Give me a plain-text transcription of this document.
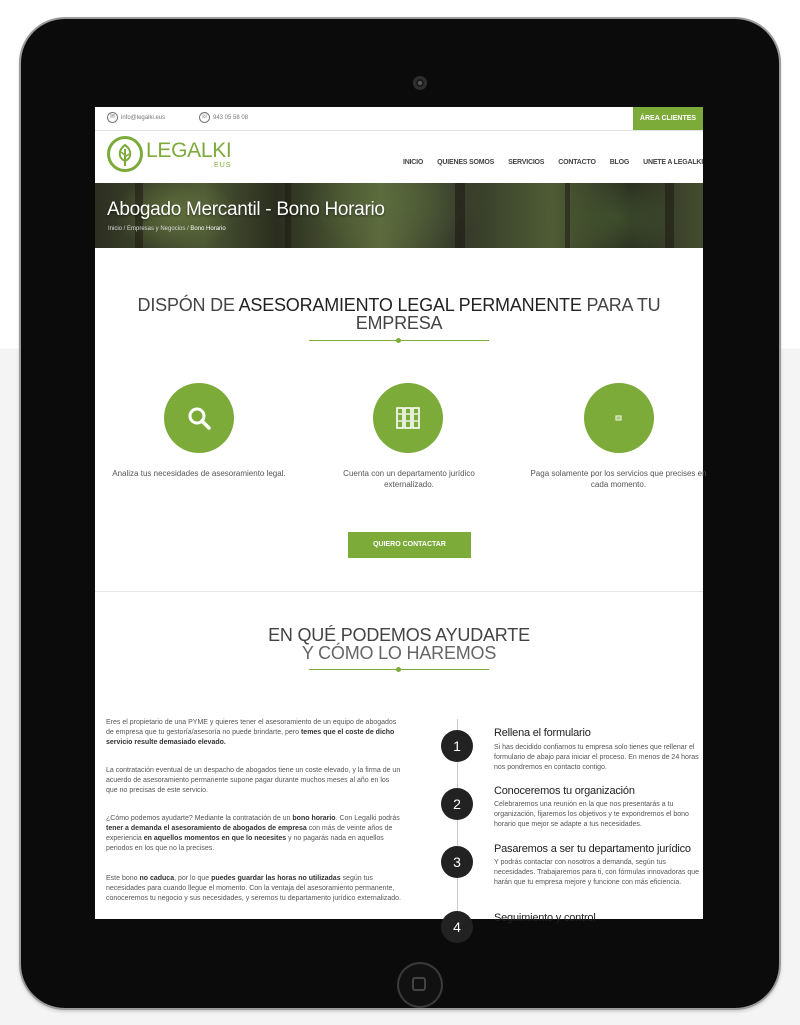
✉ info@legalki.eus	☏ 943 05 58 08	ÁREA CLIENTES
LEGALKI
.EUS	INICIO QUIENES SOMOS SERVICIOS CONTACTO BLOG UNETE A LEGALKI
Abogado Mercantil - Bono Horario
Inicio / Empresas y Negocios / Bono Horario
DISPÓN DE ASESORAMIENTO LEGAL PERMANENTE PARA TU EMPRESA
Analiza tus necesidades de asesoramiento legal.	Cuenta con un departamento jurídico externalizado.
Paga solamente por los servicios que precises en cada momento.
QUIERO CONTACTAR
EN QUÉ PODEMOS AYUDARTE
Y CÓMO LO HAREMOS
Eres el propietario de una PYME y quieres tener el asesoramiento de un equipo de abogados de empresa que tu gestoría/asesoría no puede brindarte, pero temes que el coste de dicho servicio resulte demasiado elevado.
La contratación eventual de un despacho de abogados tiene un coste elevado, y la firma de un acuerdo de asesoramiento permanente supone pagar durante muchos meses al año en los que no precisas de este servicio.
¿Cómo podemos ayudarte? Mediante la contratación de un bono horario. Con Legalki podrás tener a demanda el asesoramiento de abogados de empresa con más de veinte años de experiencia en aquellos momentos en que lo necesites y no pagarás nada en aquellos periodos en los que no la precises.
Este bono no caduca, por lo que puedes guardar las horas no utilizadas según tus necesidades para cuando llegue el momento. Con la ventaja del asesoramiento permanente, conoceremos tu negocio y sus necesidades, y seremos tu departamento jurídico externalizado.
1
Rellena el formulario
Si has decidido confiarnos tu empresa solo tienes que rellenar el formulario de abajo para iniciar el proceso. En menos de 24 horas nos pondremos en contacto contigo.
2
Conoceremos tu organización
Celebraremos una reunión en la que nos presentarás a tu organización, fijaremos los objetivos y te expondremos el bono horario que mejor se adapte a tus necesidades.
3
Pasaremos a ser tu departamento jurídico
Y podrás contactar con nosotros a demanda, según tus necesidades. Trabajaremos para ti, con fórmulas innovadoras que harán que tu empresa mejore y funcione con más eficiencia.
4
Seguimiento y control
